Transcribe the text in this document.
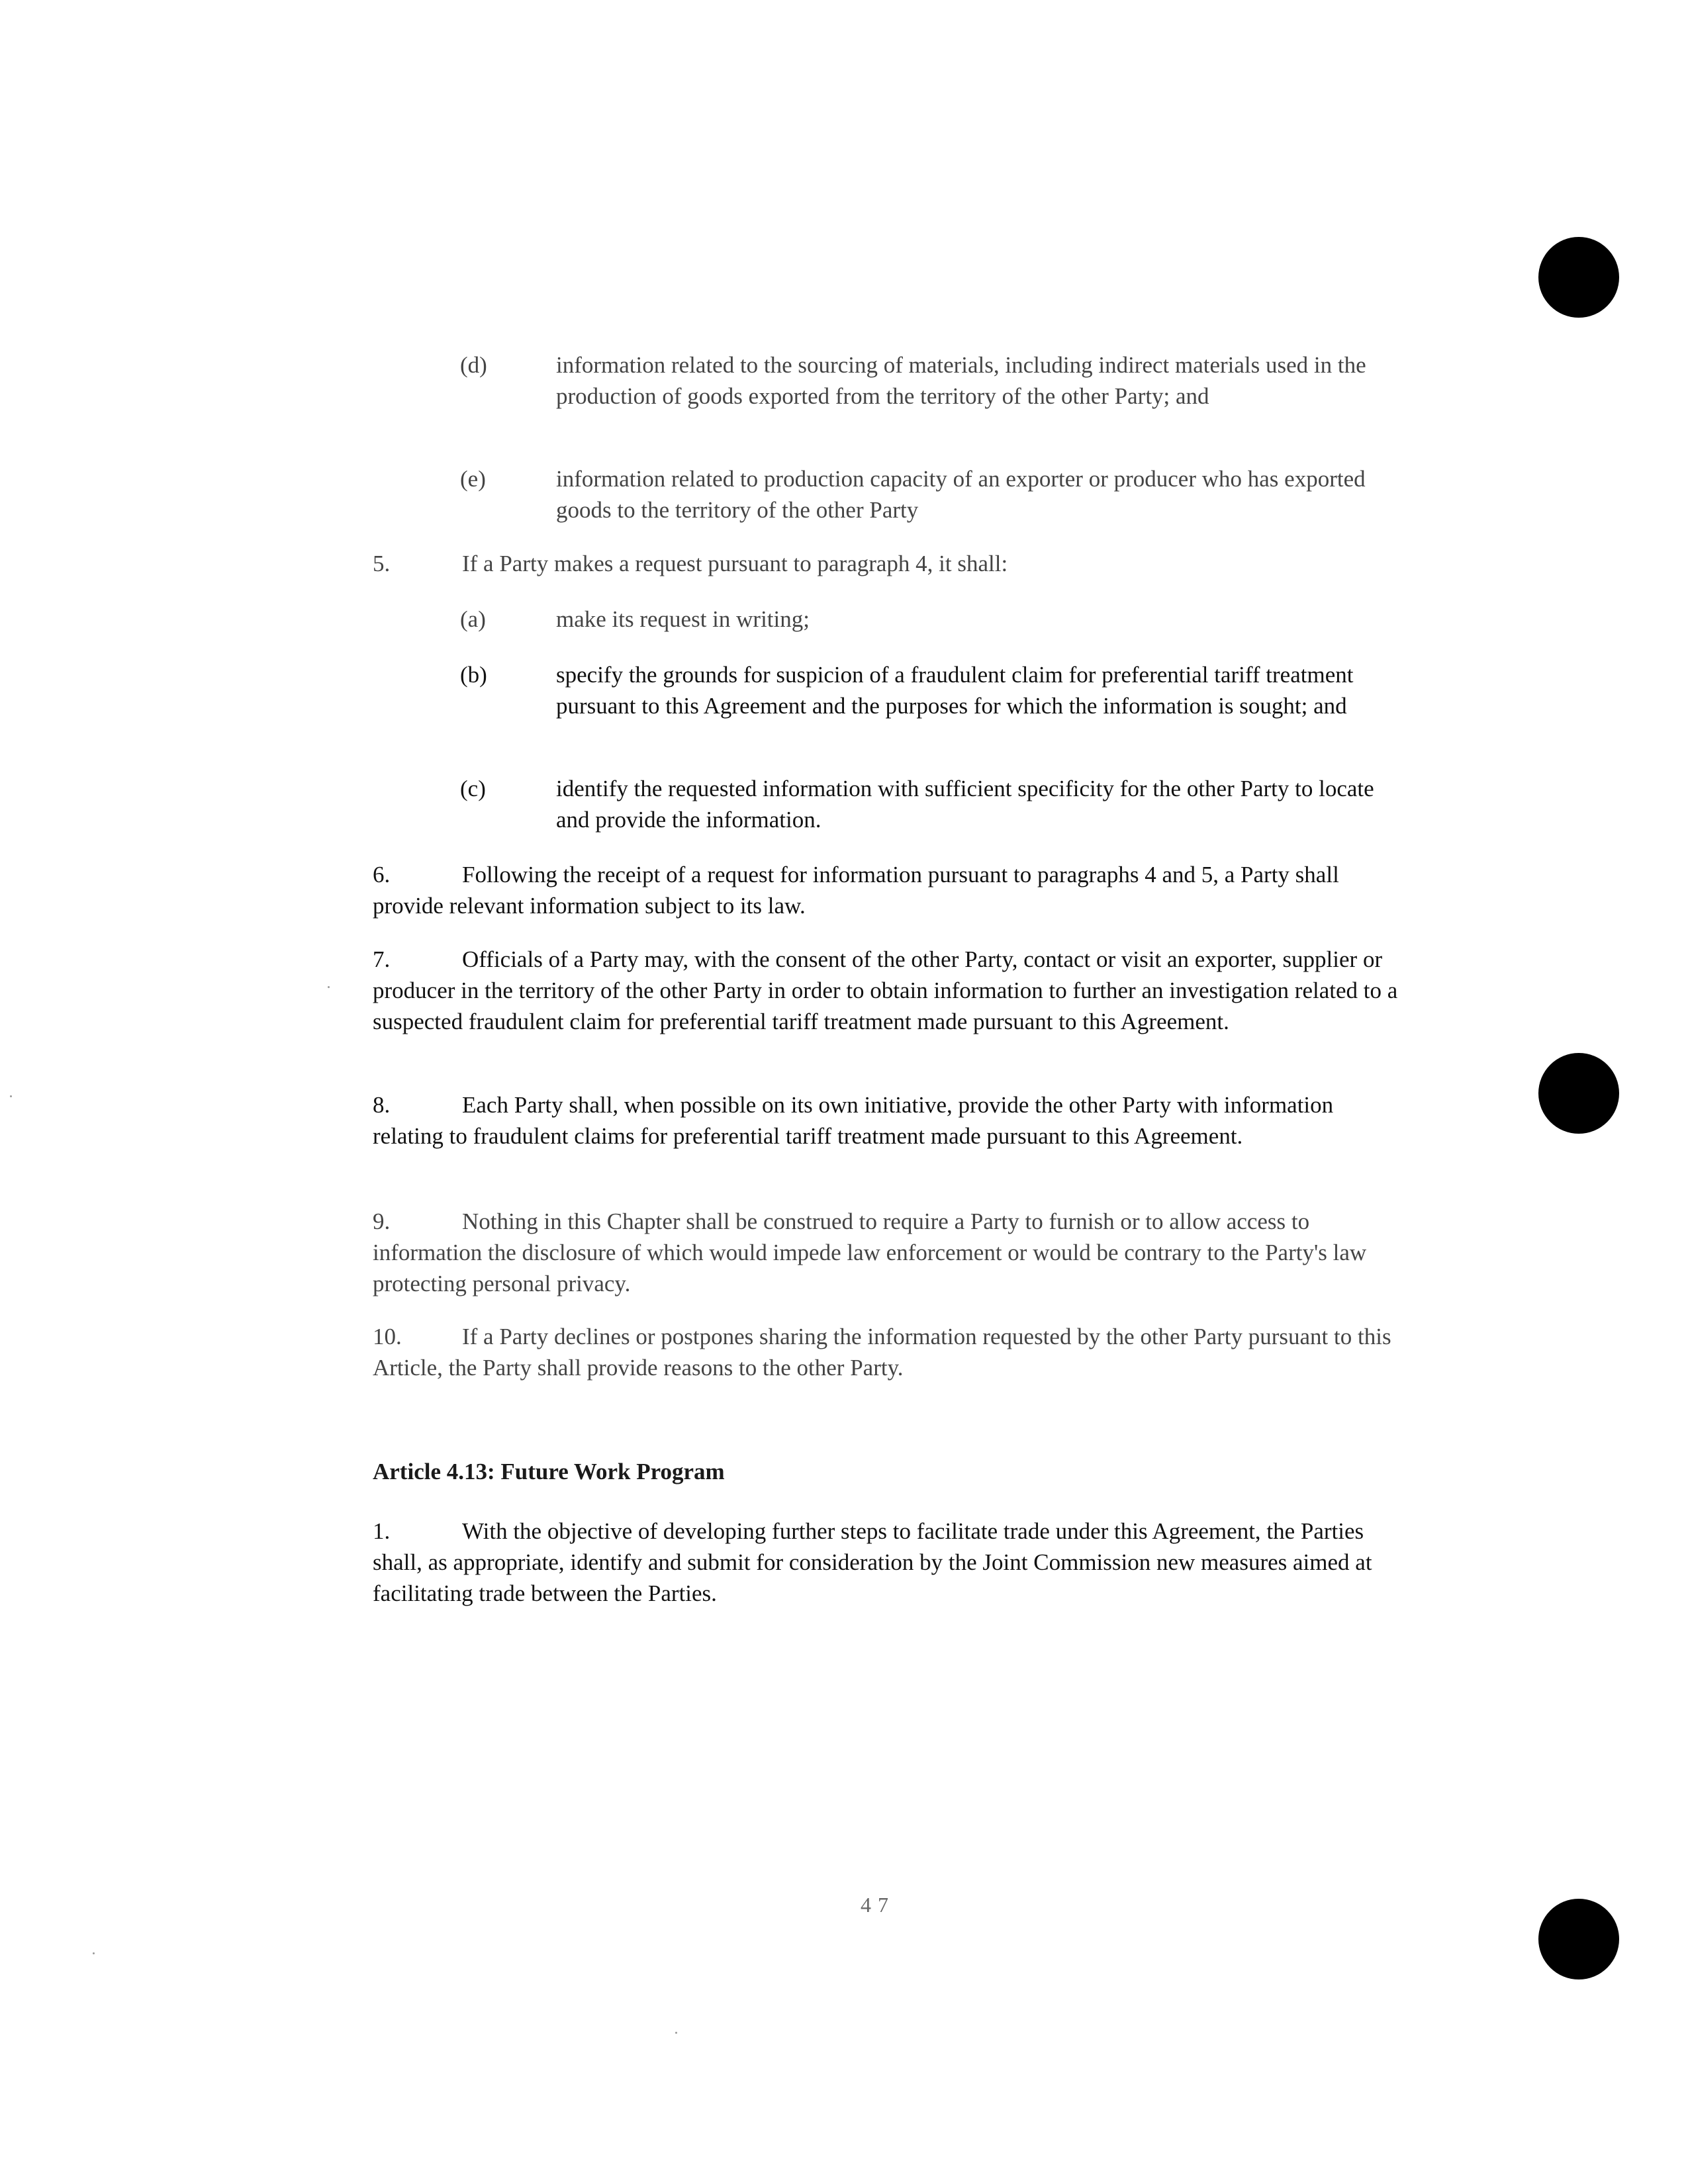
(d)	information related to the sourcing of materials, including indirect materials used in the production of goods exported from the territory of the other Party; and
(e)	information related to production capacity of an exporter or producer who has exported goods to the territory of the other Party
5.	If a Party makes a request pursuant to paragraph 4, it shall:
(a)	make its request in writing;
(b)	specify the grounds for suspicion of a fraudulent claim for preferential tariff treatment pursuant to this Agreement and the purposes for which the information is sought; and
(c)	identify the requested information with sufficient specificity for the other Party to locate and provide the information.
6.	Following the receipt of a request for information pursuant to paragraphs 4 and 5, a Party shall provide relevant information subject to its law.
7.	Officials of a Party may, with the consent of the other Party, contact or visit an exporter, supplier or producer in the territory of the other Party in order to obtain information to further an investigation related to a suspected fraudulent claim for preferential tariff treatment made pursuant to this Agreement.
8.	Each Party shall, when possible on its own initiative, provide the other Party with information relating to fraudulent claims for preferential tariff treatment made pursuant to this Agreement.
9.	Nothing in this Chapter shall be construed to require a Party to furnish or to allow access to information the disclosure of which would impede law enforcement or would be contrary to the Party's law protecting personal privacy.
10.	If a Party declines or postpones sharing the information requested by the other Party pursuant to this Article, the Party shall provide reasons to the other Party.
Article 4.13: Future Work Program
1.	With the objective of developing further steps to facilitate trade under this Agreement, the Parties shall, as appropriate, identify and submit for consideration by the Joint Commission new measures aimed at facilitating trade between the Parties.
47
